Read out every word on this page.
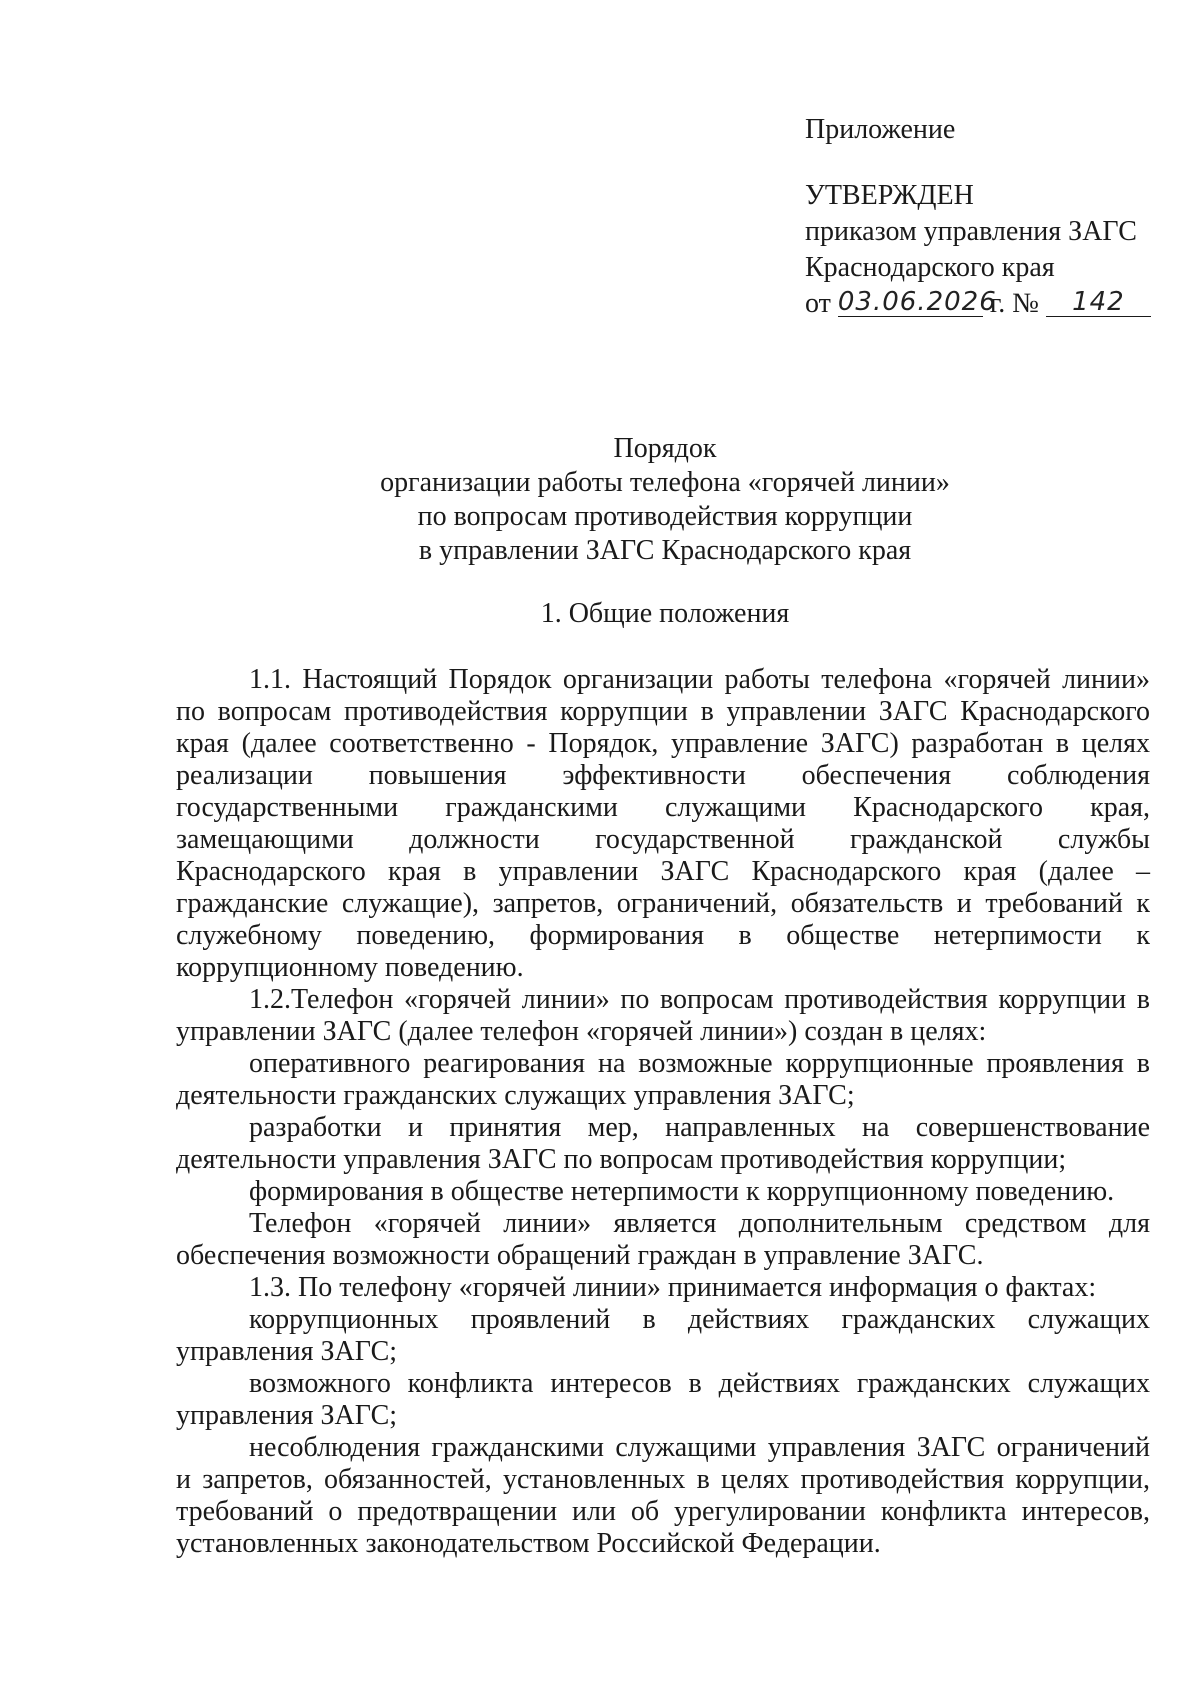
Приложение
УТВЕРЖДЕН
приказом управления ЗАГС
Краснодарского края
от 03.06.2026 г. № 142
Порядок
организации работы телефона «горячей линии»
по вопросам противодействия коррупции
в управлении ЗАГС Краснодарского края
1. Общие положения

1.1. Настоящий Порядок организации работы телефона «горячей линии» по вопросам противодействия коррупции в управлении ЗАГС Краснодарского края (далее соответственно - Порядок, управление ЗАГС) разработан в целях реализации повышения эффективности обеспечения соблюдения государственными гражданскими служащими Краснодарского края, замещающими должности государственной гражданской службы Краснодарского края в управлении ЗАГС Краснодарского края (далее – гражданские служащие), запретов, ограничений, обязательств и требований к служебному поведению, формирования в обществе нетерпимости к коррупционному поведению.

1.2.Телефон «горячей линии» по вопросам противодействия коррупции в управлении ЗАГС (далее телефон «горячей линии») создан в целях:

оперативного реагирования на возможные коррупционные проявления в деятельности гражданских служащих управления ЗАГС;

разработки и принятия мер, направленных на совершенствование деятельности управления ЗАГС по вопросам противодействия коррупции;

формирования в обществе нетерпимости к коррупционному поведению.

Телефон «горячей линии» является дополнительным средством для обеспечения возможности обращений граждан в управление ЗАГС.

1.3. По телефону «горячей линии» принимается информация о фактах:

коррупционных проявлений в действиях гражданских служащих управления ЗАГС;

возможного конфликта интересов в действиях гражданских служащих управления ЗАГС;

несоблюдения гражданскими служащими управления ЗАГС ограничений и запретов, обязанностей, установленных в целях противодействия коррупции, требований о предотвращении или об урегулировании конфликта интересов, установленных законодательством Российской Федерации.
